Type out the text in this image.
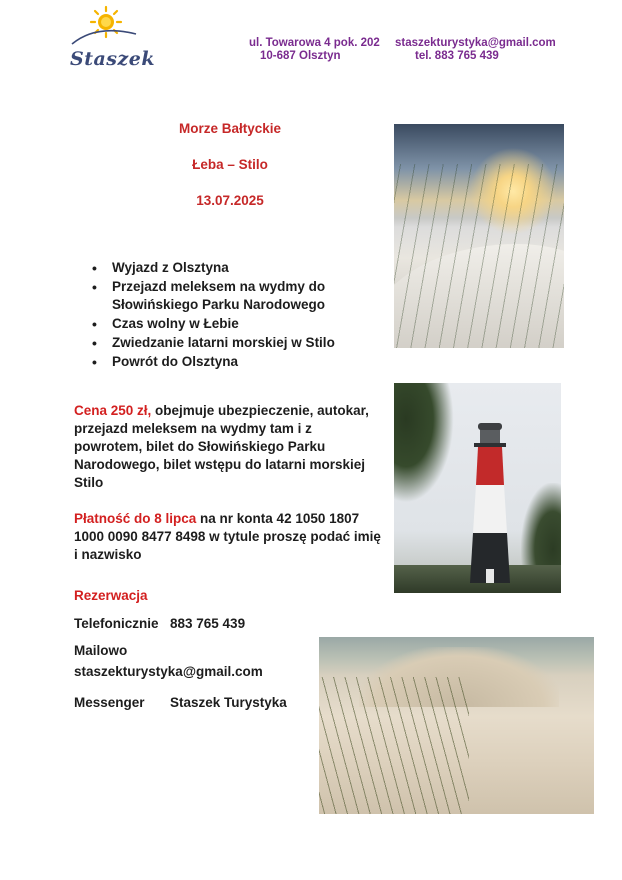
Staszek
ul. Towarowa 4 pok. 202
10-687 Olsztyn
staszekturystyka@gmail.com
tel. 883 765 439
Morze Bałtyckie
Łeba – Stilo
13.07.2025
• Wyjazd z Olsztyna
• Przejazd meleksem na wydmy do Słowińskiego Parku Narodowego
• Czas wolny w Łebie
• Zwiedzanie latarni morskiej w Stilo
• Powrót do Olsztyna
Cena 250 zł, obejmuje ubezpieczenie, autokar, przejazd meleksem na wydmy tam i z powrotem, bilet do Słowińskiego Parku Narodowego, bilet wstępu do latarni morskiej Stilo
Płatność do 8 lipca na nr konta 42 1050 1807 1000 0090 8477 8498 w tytule proszę podać imię i nazwisko
Rezerwacja
Telefonicznie 883 765 439
Mailowo
staszekturystyka@gmail.com
Messenger Staszek Turystyka
